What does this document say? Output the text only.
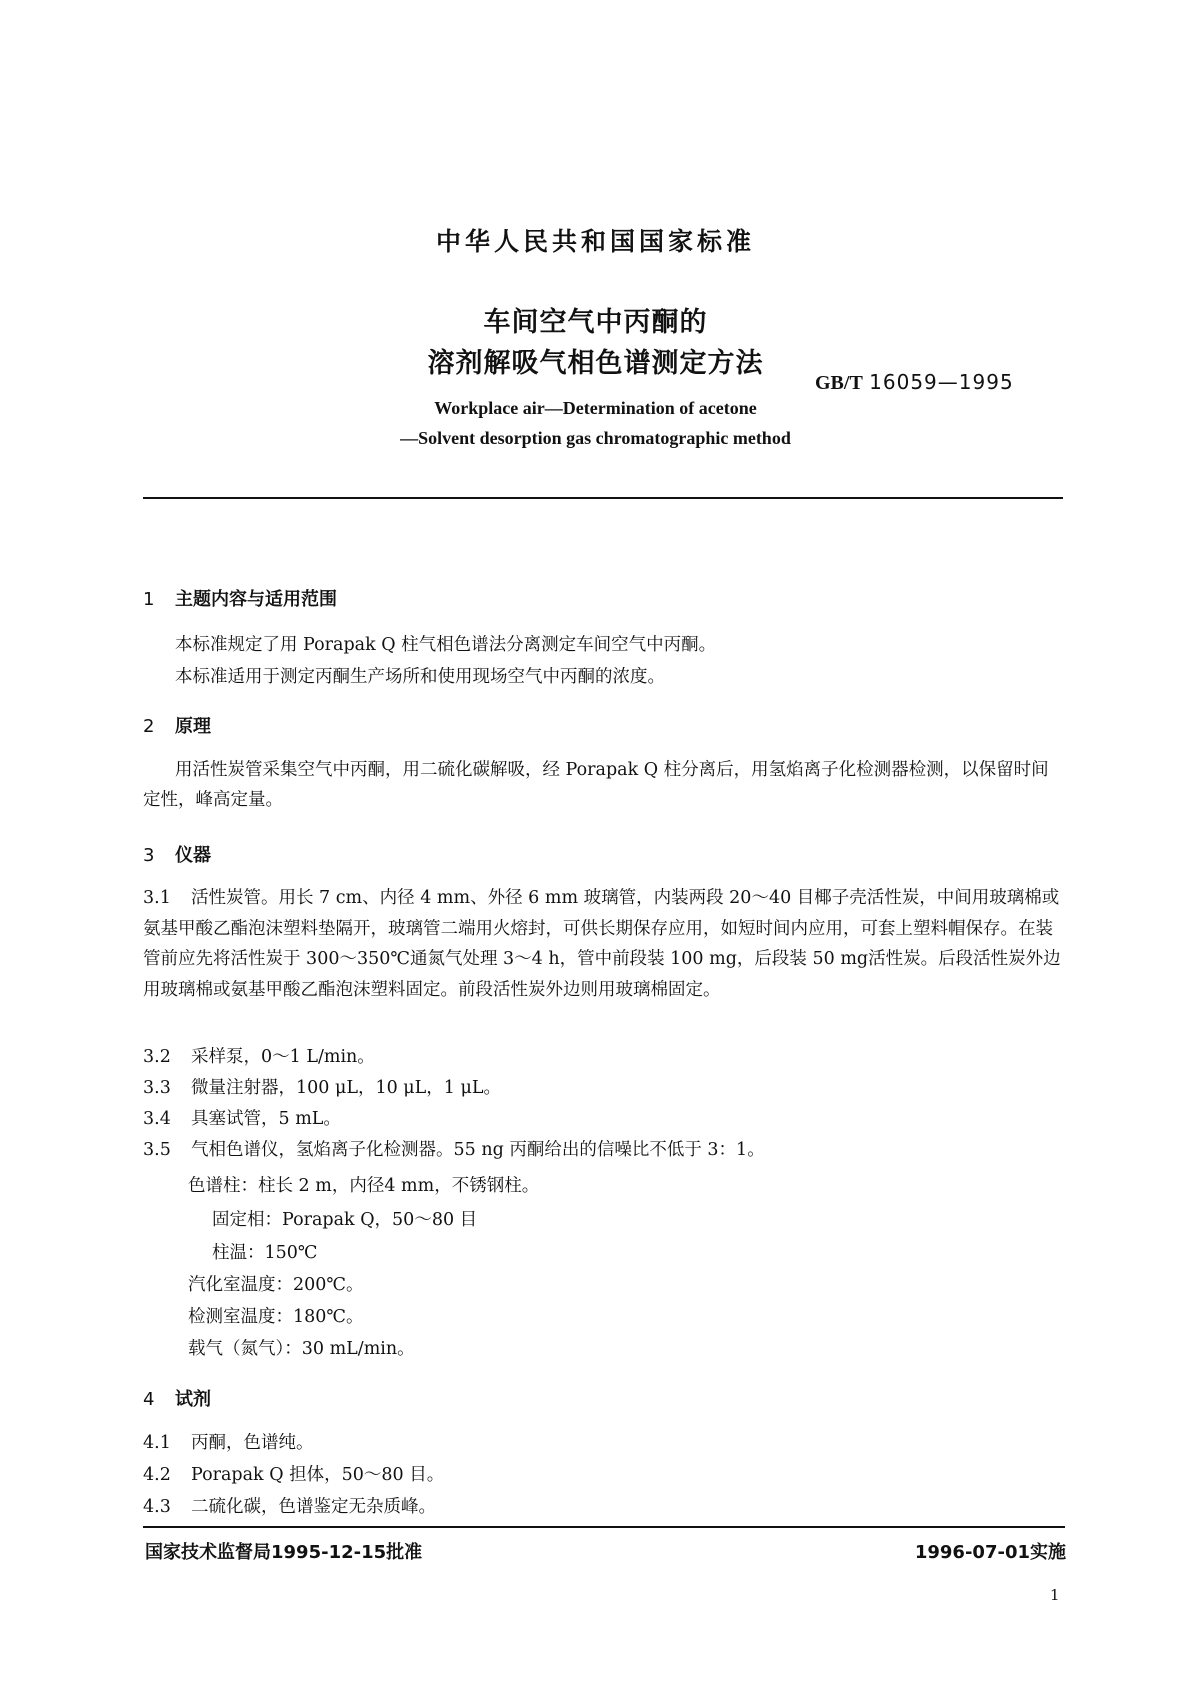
中华人民共和国国家标准
车间空气中丙酮的
溶剂解吸气相色谱测定方法
GB/T 16059—1995
Workplace air—Determination of acetone
—Solvent desorption gas chromatographic method
1 主题内容与适用范围
本标准规定了用 Porapak Q 柱气相色谱法分离测定车间空气中丙酮。
本标准适用于测定丙酮生产场所和使用现场空气中丙酮的浓度。
2 原理
用活性炭管采集空气中丙酮，用二硫化碳解吸，经 Porapak Q 柱分离后，用氢焰离子化检测器检测，以保留时间定性，峰高定量。
3 仪器
3.1 活性炭管。用长 7 cm、内径 4 mm、外径 6 mm 玻璃管，内装两段 20～40 目椰子壳活性炭，中间用玻璃棉或氨基甲酸乙酯泡沫塑料垫隔开，玻璃管二端用火熔封，可供长期保存应用，如短时间内应用，可套上塑料帽保存。在装管前应先将活性炭于 300～350℃通氮气处理 3～4 h，管中前段装 100 mg，后段装 50 mg活性炭。后段活性炭外边用玻璃棉或氨基甲酸乙酯泡沫塑料固定。前段活性炭外边则用玻璃棉固定。
3.2 采样泵，0～1 L/min。
3.3 微量注射器，100 μL，10 μL，1 μL。
3.4 具塞试管，5 mL。
3.5 气相色谱仪，氢焰离子化检测器。55 ng 丙酮给出的信噪比不低于 3：1。
色谱柱：柱长 2 m，内径4 mm，不锈钢柱。
固定相：Porapak Q，50～80 目
柱温：150℃
汽化室温度：200℃。
检测室温度：180℃。
载气（氮气）：30 mL/min。
4 试剂
4.1 丙酮，色谱纯。
4.2 Porapak Q 担体，50～80 目。
4.3 二硫化碳，色谱鉴定无杂质峰。
国家技术监督局1995-12-15批准	1996-07-01实施
1
